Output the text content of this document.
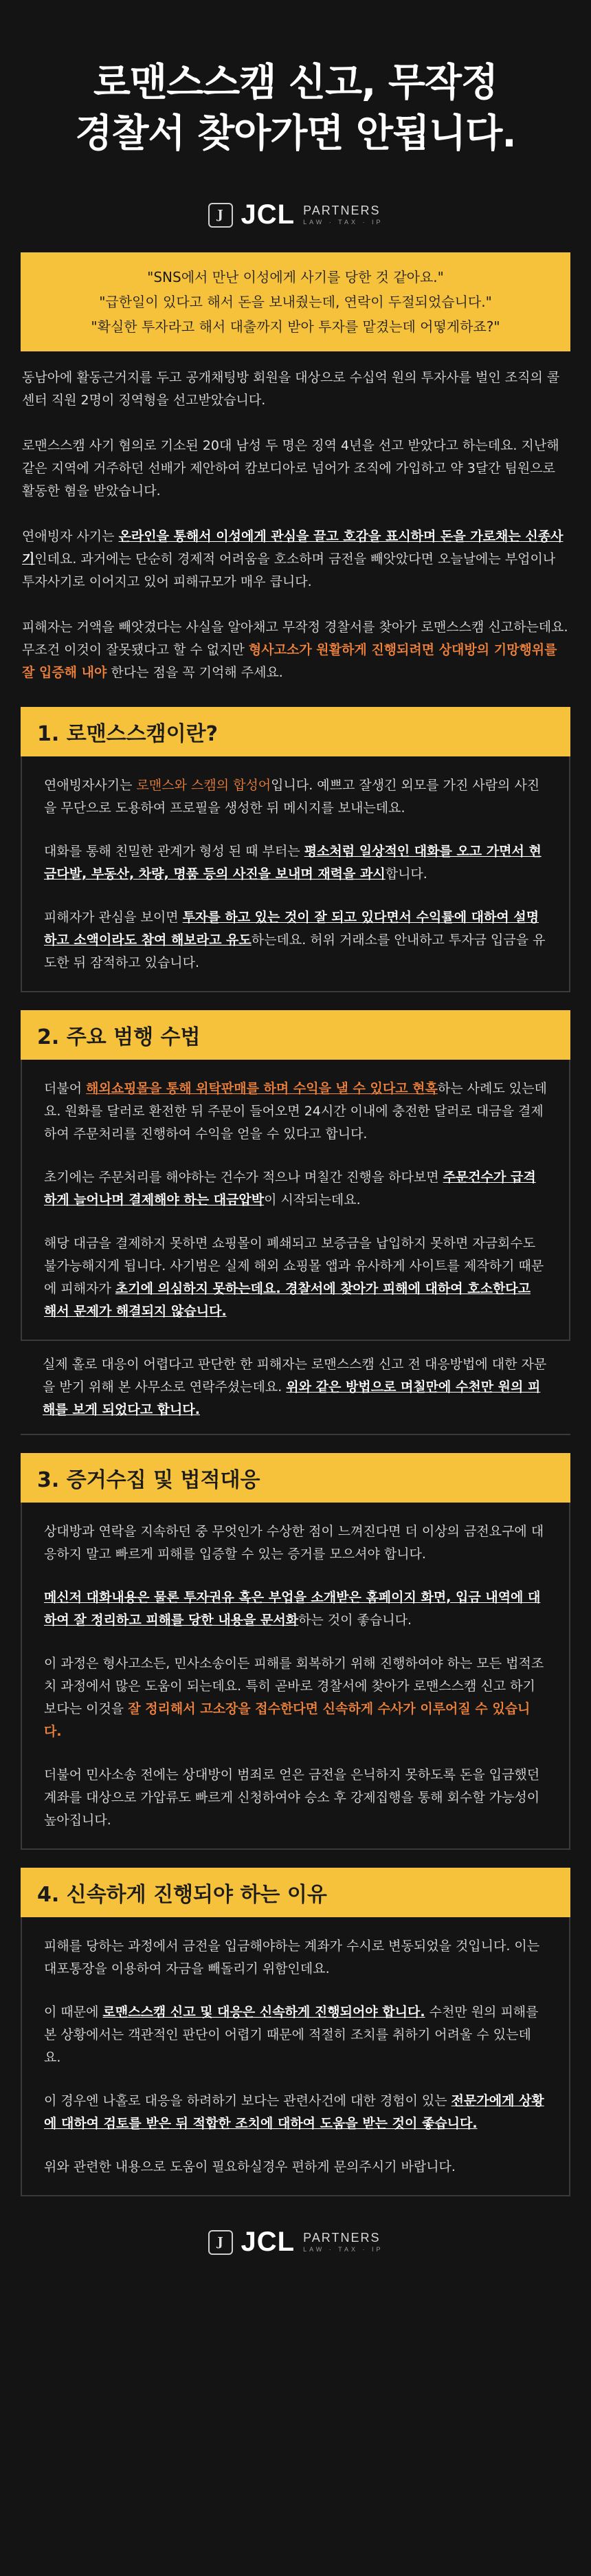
로맨스스캠 신고, 무작정
경찰서 찾아가면 안됩니다.
J JCL PARTNERS
LAW · TAX · IP
"SNS에서 만난 이성에게 사기를 당한 것 같아요."
"급한일이 있다고 해서 돈을 보내줬는데, 연락이 두절되었습니다."
"확실한 투자라고 해서 대출까지 받아 투자를 맡겼는데 어떻게하죠?"

동남아에 활동근거지를 두고 공개채팅방 회원을 대상으로 수십억 원의 투자사를 벌인 조직의 콜센터 직원 2명이 징역형을 선고받았습니다.

로맨스스캠 사기 혐의로 기소된 20대 남성 두 명은 징역 4년을 선고 받았다고 하는데요. 지난해 같은 지역에 거주하던 선배가 제안하여 캄보디아로 넘어가 조직에 가입하고 약 3달간 팀원으로 활동한 혐을 받았습니다.

연애빙자 사기는 온라인을 통해서 이성에게 관심을 끌고 호감을 표시하며 돈을 가로채는 신종사기인데요. 과거에는 단순히 경제적 어려움을 호소하며 금전을 빼앗았다면 오늘날에는 부업이나 투자사기로 이어지고 있어 피해규모가 매우 큽니다.

피해자는 거액을 빼앗겼다는 사실을 알아채고 무작정 경찰서를 찾아가 로맨스스캠 신고하는데요. 무조건 이것이 잘못됐다고 할 수 없지만 형사고소가 원활하게 진행되려면 상대방의 기망행위를 잘 입증해 내야 한다는 점을 꼭 기억해 주세요.

1. 로맨스스캠이란?

연애빙자사기는 로맨스와 스캠의 합성어입니다. 예쁘고 잘생긴 외모를 가진 사람의 사진을 무단으로 도용하여 프로필을 생성한 뒤 메시지를 보내는데요.

대화를 통해 친밀한 관계가 형성 된 때 부터는 평소처럼 일상적인 대화를 오고 가면서 현금다발, 부동산, 차량, 명품 등의 사진을 보내며 재력을 과시합니다.

피해자가 관심을 보이면 투자를 하고 있는 것이 잘 되고 있다면서 수익률에 대하여 설명하고 소액이라도 참여 해보라고 유도하는데요. 허위 거래소를 안내하고 투자금 입금을 유도한 뒤 잠적하고 있습니다.

2. 주요 범행 수법

더불어 해외쇼핑몰을 통해 위탁판매를 하며 수익을 낼 수 있다고 현혹하는 사례도 있는데요. 원화를 달러로 환전한 뒤 주문이 들어오면 24시간 이내에 충전한 달러로 대금을 결제하여 주문처리를 진행하여 수익을 얻을 수 있다고 합니다.

초기에는 주문처리를 해야하는 건수가 적으나 며칠간 진행을 하다보면 주문건수가 급격하게 늘어나며 결제해야 하는 대금압박이 시작되는데요.

해당 대금을 결제하지 못하면 쇼핑몰이 폐쇄되고 보증금을 납입하지 못하면 자금회수도 불가능해지게 됩니다. 사기범은 실제 해외 쇼핑몰 앱과 유사하게 사이트를 제작하기 때문에 피해자가 초기에 의심하지 못하는데요. 경찰서에 찾아가 피해에 대하여 호소한다고 해서 문제가 해결되지 않습니다.

실제 홀로 대응이 어렵다고 판단한 한 피해자는 로맨스스캠 신고 전 대응방법에 대한 자문을 받기 위해 본 사무소로 연락주셨는데요. 위와 같은 방법으로 며칠만에 수천만 원의 피해를 보게 되었다고 합니다.
3. 증거수집 및 법적대응

상대방과 연락을 지속하던 중 무엇인가 수상한 점이 느껴진다면 더 이상의 금전요구에 대응하지 말고 빠르게 피해를 입증할 수 있는 증거를 모으셔야 합니다.

메신저 대화내용은 물론 투자권유 혹은 부업을 소개받은 홈페이지 화면, 입금 내역에 대하여 잘 정리하고 피해를 당한 내용을 문서화하는 것이 좋습니다.

이 과정은 형사고소든, 민사소송이든 피해를 회복하기 위해 진행하여야 하는 모든 법적조치 과정에서 많은 도움이 되는데요. 특히 곧바로 경찰서에 찾아가 로맨스스캠 신고 하기보다는 이것을 잘 정리해서 고소장을 접수한다면 신속하게 수사가 이루어질 수 있습니다.

더불어 민사소송 전에는 상대방이 범죄로 얻은 금전을 은닉하지 못하도록 돈을 입금했던 계좌를 대상으로 가압류도 빠르게 신청하여야 승소 후 강제집행을 통해 회수할 가능성이 높아집니다.

4. 신속하게 진행되야 하는 이유

피해를 당하는 과정에서 금전을 입금해야하는 계좌가 수시로 변동되었을 것입니다. 이는 대포통장을 이용하여 자금을 빼돌리기 위함인데요.

이 때문에 로맨스스캠 신고 및 대응은 신속하게 진행되어야 합니다. 수천만 원의 피해를 본 상황에서는 객관적인 판단이 어렵기 때문에 적절히 조치를 취하기 어려울 수 있는데요.

이 경우엔 나홀로 대응을 하려하기 보다는 관련사건에 대한 경험이 있는 전문가에게 상황에 대하여 검토를 받은 뒤 적합한 조치에 대하여 도움을 받는 것이 좋습니다.

위와 관련한 내용으로 도움이 필요하실경우 편하게 문의주시기 바랍니다.

J JCL PARTNERS
LAW · TAX · IP
